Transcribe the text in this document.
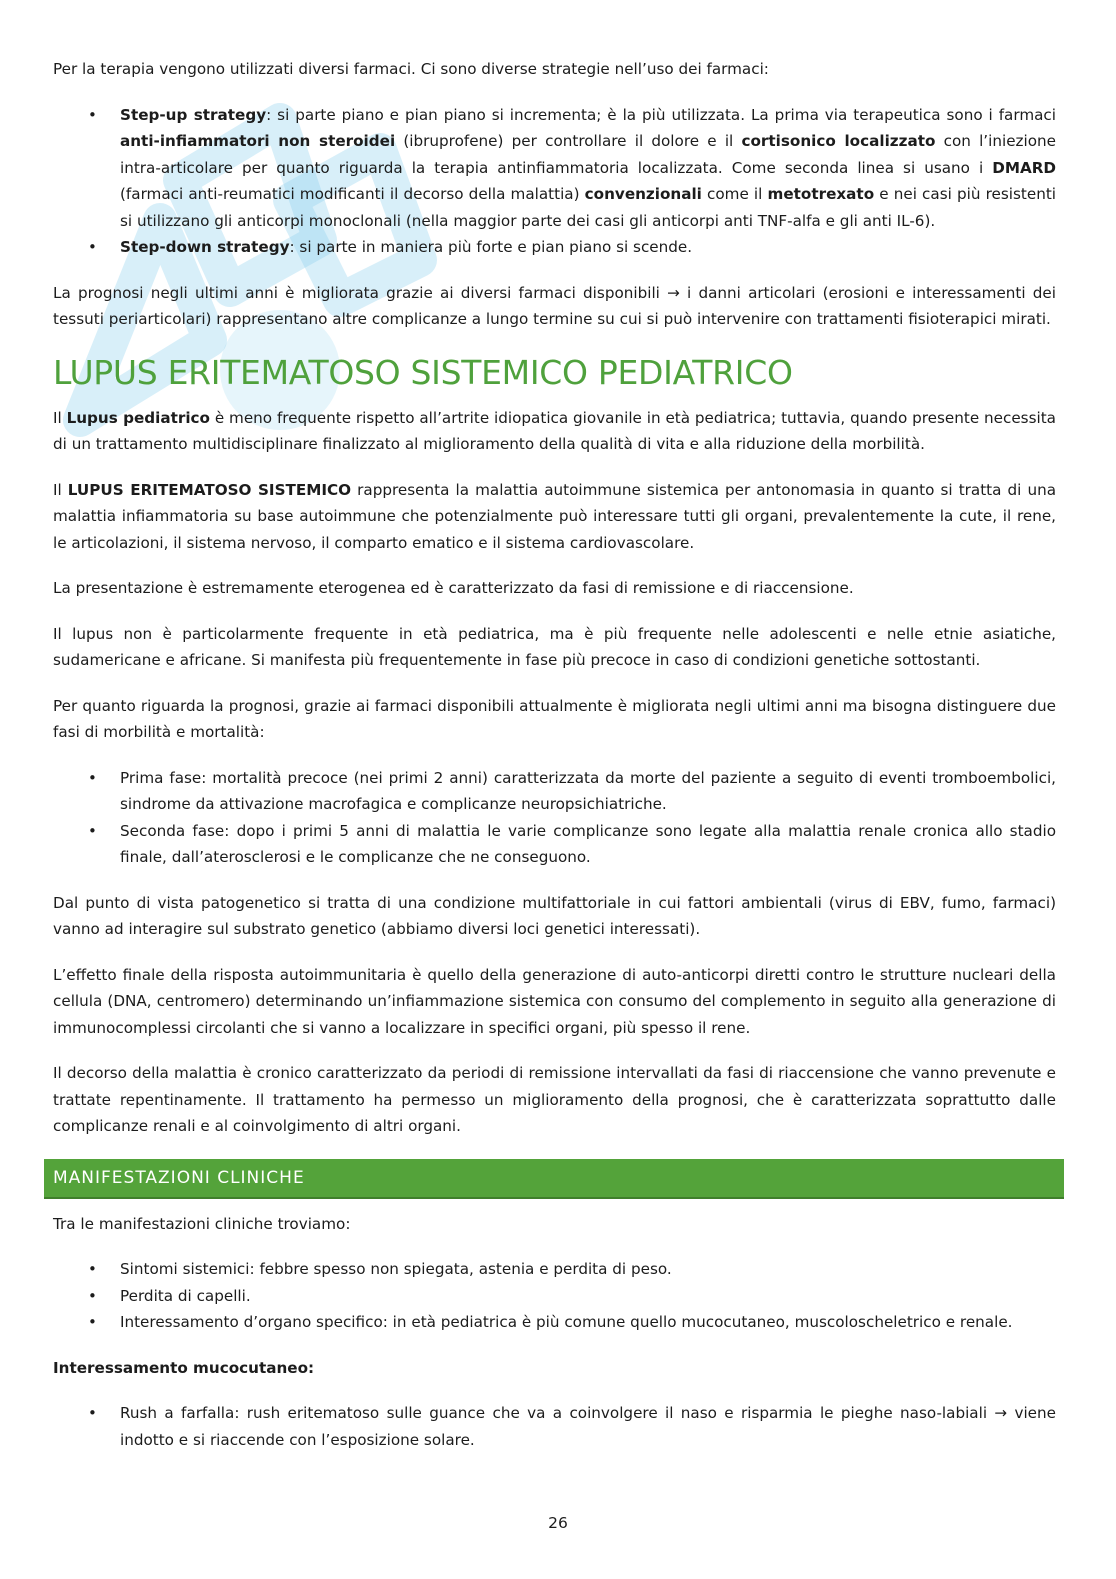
Per la terapia vengono utilizzati diversi farmaci. Ci sono diverse strategie nell’uso dei farmaci:

• Step-up strategy: si parte piano e pian piano si incrementa; è la più utilizzata. La prima via terapeutica sono i farmaci anti-infiammatori non steroidei (ibruprofene) per controllare il dolore e il cortisonico localizzato con l’iniezione intra-articolare per quanto riguarda la terapia antinfiammatoria localizzata. Come seconda linea si usano i DMARD (farmaci anti-reumatici modificanti il decorso della malattia) convenzionali come il metotrexato e nei casi più resistenti si utilizzano gli anticorpi monoclonali (nella maggior parte dei casi gli anticorpi anti TNF-alfa e gli anti IL-6).
• Step-down strategy: si parte in maniera più forte e pian piano si scende.

La prognosi negli ultimi anni è migliorata grazie ai diversi farmaci disponibili → i danni articolari (erosioni e interessamenti dei tessuti periarticolari) rappresentano altre complicanze a lungo termine su cui si può intervenire con trattamenti fisioterapici mirati.

LUPUS ERITEMATOSO SISTEMICO PEDIATRICO

Il Lupus pediatrico è meno frequente rispetto all’artrite idiopatica giovanile in età pediatrica; tuttavia, quando presente necessita di un trattamento multidisciplinare finalizzato al miglioramento della qualità di vita e alla riduzione della morbilità.

Il LUPUS ERITEMATOSO SISTEMICO rappresenta la malattia autoimmune sistemica per antonomasia in quanto si tratta di una malattia infiammatoria su base autoimmune che potenzialmente può interessare tutti gli organi, prevalentemente la cute, il rene, le articolazioni, il sistema nervoso, il comparto ematico e il sistema cardiovascolare.

La presentazione è estremamente eterogenea ed è caratterizzato da fasi di remissione e di riaccensione.

Il lupus non è particolarmente frequente in età pediatrica, ma è più frequente nelle adolescenti e nelle etnie asiatiche, sudamericane e africane. Si manifesta più frequentemente in fase più precoce in caso di condizioni genetiche sottostanti.

Per quanto riguarda la prognosi, grazie ai farmaci disponibili attualmente è migliorata negli ultimi anni ma bisogna distinguere due fasi di morbilità e mortalità:

• Prima fase: mortalità precoce (nei primi 2 anni) caratterizzata da morte del paziente a seguito di eventi tromboembolici, sindrome da attivazione macrofagica e complicanze neuropsichiatriche.
• Seconda fase: dopo i primi 5 anni di malattia le varie complicanze sono legate alla malattia renale cronica allo stadio finale, dall’aterosclerosi e le complicanze che ne conseguono.

Dal punto di vista patogenetico si tratta di una condizione multifattoriale in cui fattori ambientali (virus di EBV, fumo, farmaci) vanno ad interagire sul substrato genetico (abbiamo diversi loci genetici interessati).

L’effetto finale della risposta autoimmunitaria è quello della generazione di auto-anticorpi diretti contro le strutture nucleari della cellula (DNA, centromero) determinando un’infiammazione sistemica con consumo del complemento in seguito alla generazione di immunocomplessi circolanti che si vanno a localizzare in specifici organi, più spesso il rene.

Il decorso della malattia è cronico caratterizzato da periodi di remissione intervallati da fasi di riaccensione che vanno prevenute e trattate repentinamente. Il trattamento ha permesso un miglioramento della prognosi, che è caratterizzata soprattutto dalle complicanze renali e al coinvolgimento di altri organi.

MANIFESTAZIONI CLINICHE

Tra le manifestazioni cliniche troviamo:

• Sintomi sistemici: febbre spesso non spiegata, astenia e perdita di peso.
• Perdita di capelli.
• Interessamento d’organo specifico: in età pediatrica è più comune quello mucocutaneo, muscoloscheletrico e renale.
Interessamento mucocutaneo:
• Rush a farfalla: rush eritematoso sulle guance che va a coinvolgere il naso e risparmia le pieghe naso-labiali → viene indotto e si riaccende con l’esposizione solare.
26
